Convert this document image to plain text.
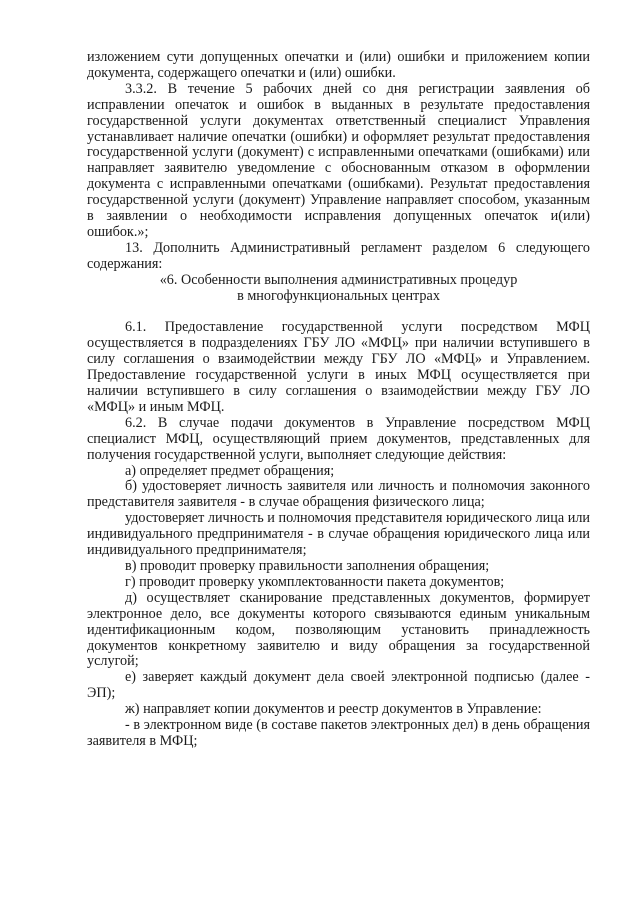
изложением сути допущенных опечатки и (или) ошибки и приложением копии документа, содержащего опечатки и (или) ошибки.

3.3.2. В течение 5 рабочих дней со дня регистрации заявления об исправлении опечаток и ошибок в выданных в результате предоставления государственной услуги документах ответственный специалист Управления устанавливает наличие опечатки (ошибки) и оформляет результат предоставления государственной услуги (документ) с исправленными опечатками (ошибками) или направляет заявителю уведомление с обоснованным отказом в оформлении документа с исправленными опечатками (ошибками). Результат предоставления государственной услуги (документ) Управление направляет способом, указанным в заявлении о необходимости исправления допущенных опечаток и(или) ошибок.»;

13. Дополнить Административный регламент разделом 6 следующего содержания:

«6. Особенности выполнения административных процедур

в многофункциональных центрах

6.1. Предоставление государственной услуги посредством МФЦ осуществляется в подразделениях ГБУ ЛО «МФЦ» при наличии вступившего в силу соглашения о взаимодействии между ГБУ ЛО «МФЦ» и Управлением. Предоставление государственной услуги в иных МФЦ осуществляется при наличии вступившего в силу соглашения о взаимодействии между ГБУ ЛО «МФЦ» и иным МФЦ.

6.2. В случае подачи документов в Управление посредством МФЦ специалист МФЦ, осуществляющий прием документов, представленных для получения государственной услуги, выполняет следующие действия:

а) определяет предмет обращения;

б) удостоверяет личность заявителя или личность и полномочия законного представителя заявителя - в случае обращения физического лица;

удостоверяет личность и полномочия представителя юридического лица или индивидуального предпринимателя - в случае обращения юридического лица или индивидуального предпринимателя;

в) проводит проверку правильности заполнения обращения;

г) проводит проверку укомплектованности пакета документов;

д) осуществляет сканирование представленных документов, формирует электронное дело, все документы которого связываются единым уникальным идентификационным кодом, позволяющим установить принадлежность документов конкретному заявителю и виду обращения за государственной услугой;

е) заверяет каждый документ дела своей электронной подписью (далее - ЭП);

ж) направляет копии документов и реестр документов в Управление:

- в электронном виде (в составе пакетов электронных дел) в день обращения заявителя в МФЦ;
